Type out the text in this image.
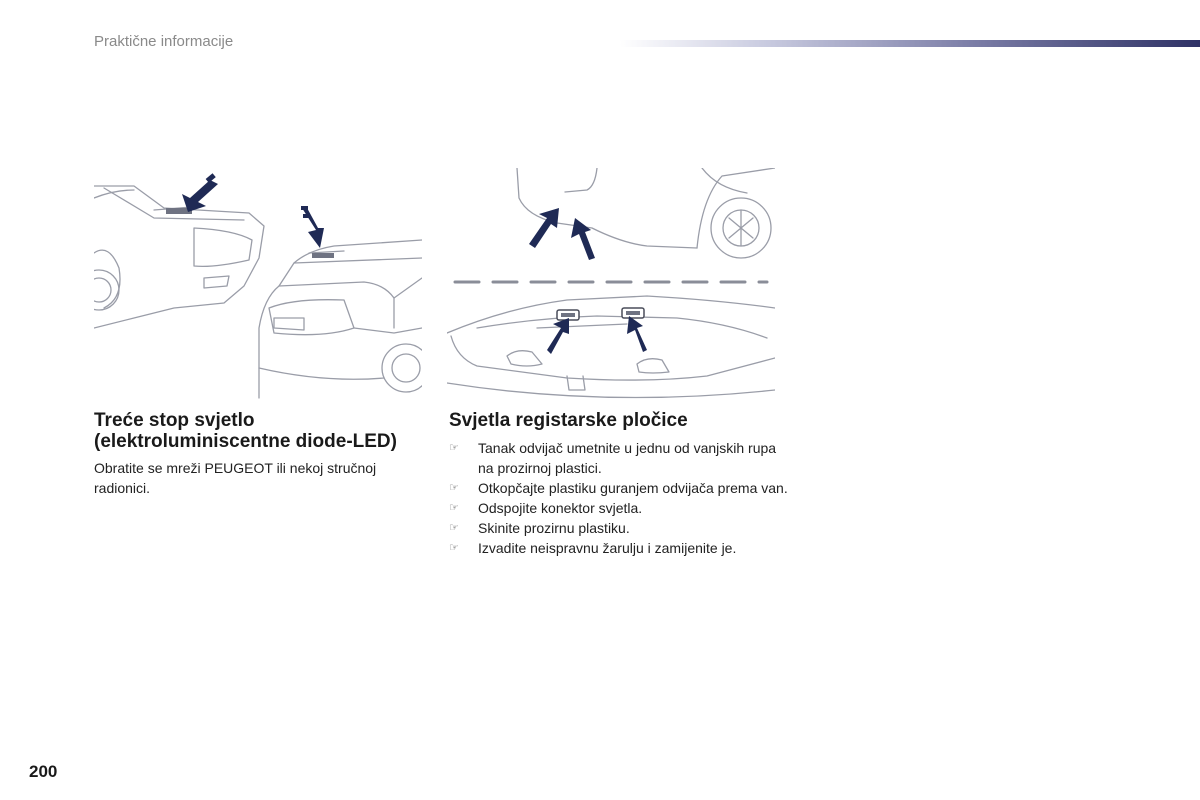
Praktične informacije
Treće stop svjetlo
(elektroluminiscentne diode-LED)
Obratite se mreži PEUGEOT ili nekoj stručnoj radionici.
Svjetla registarske pločice
☞ Tanak odvijač umetnite u jednu od vanjskih rupa na prozirnoj plastici.
☞ Otkopčajte plastiku guranjem odvijača prema van.
☞ Odspojite konektor svjetla.
☞ Skinite prozirnu plastiku.
☞ Izvadite neispravnu žarulju i zamijenite je.
200
